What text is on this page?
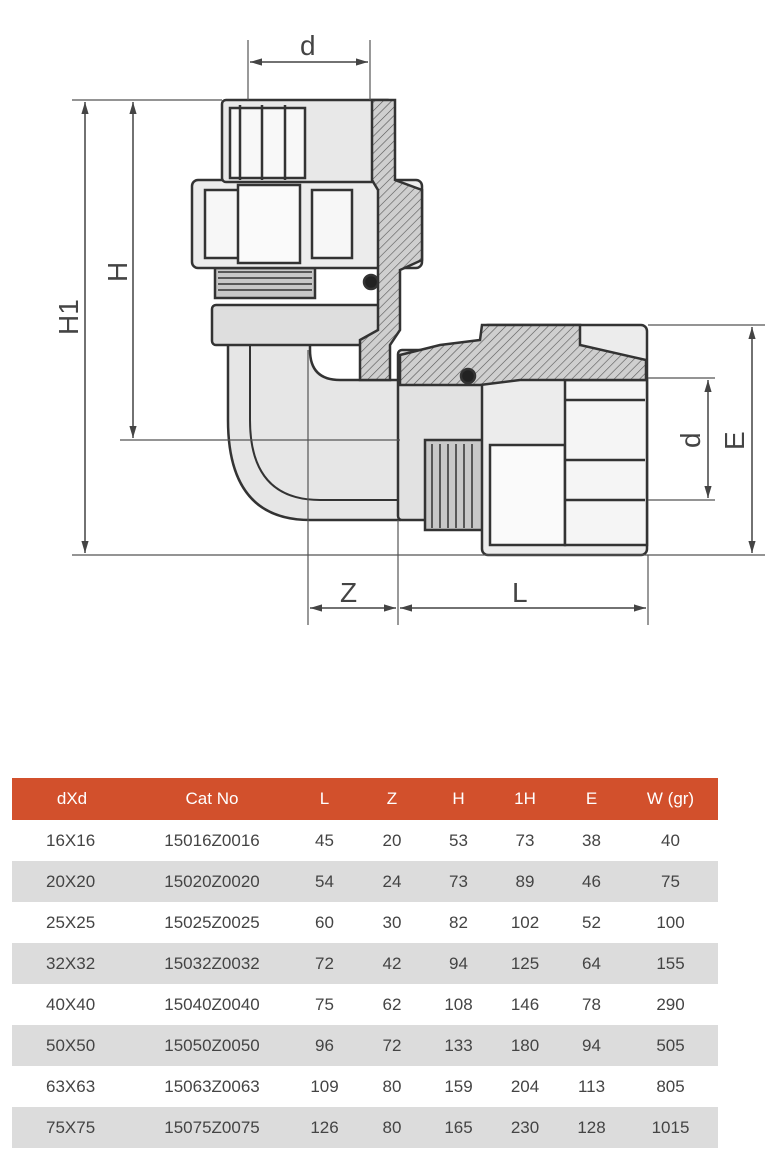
d
H1
H
Z	L
d E
dXd	Cat No	L	Z	H	1H	E	W (gr)
16X16	15016Z0016	45	20	53	73	38	40
20X20	15020Z0020	54	24	73	89	46	75
25X25	15025Z0025	60	30	82	102	52	100
32X32	15032Z0032	72	42	94	125	64	155
40X40	15040Z0040	75	62	108	146	78	290
50X50	15050Z0050	96	72	133	180	94	505
63X63	15063Z0063	109	80	159	204	113	805
75X75	15075Z0075	126	80	165	230	128	1015
